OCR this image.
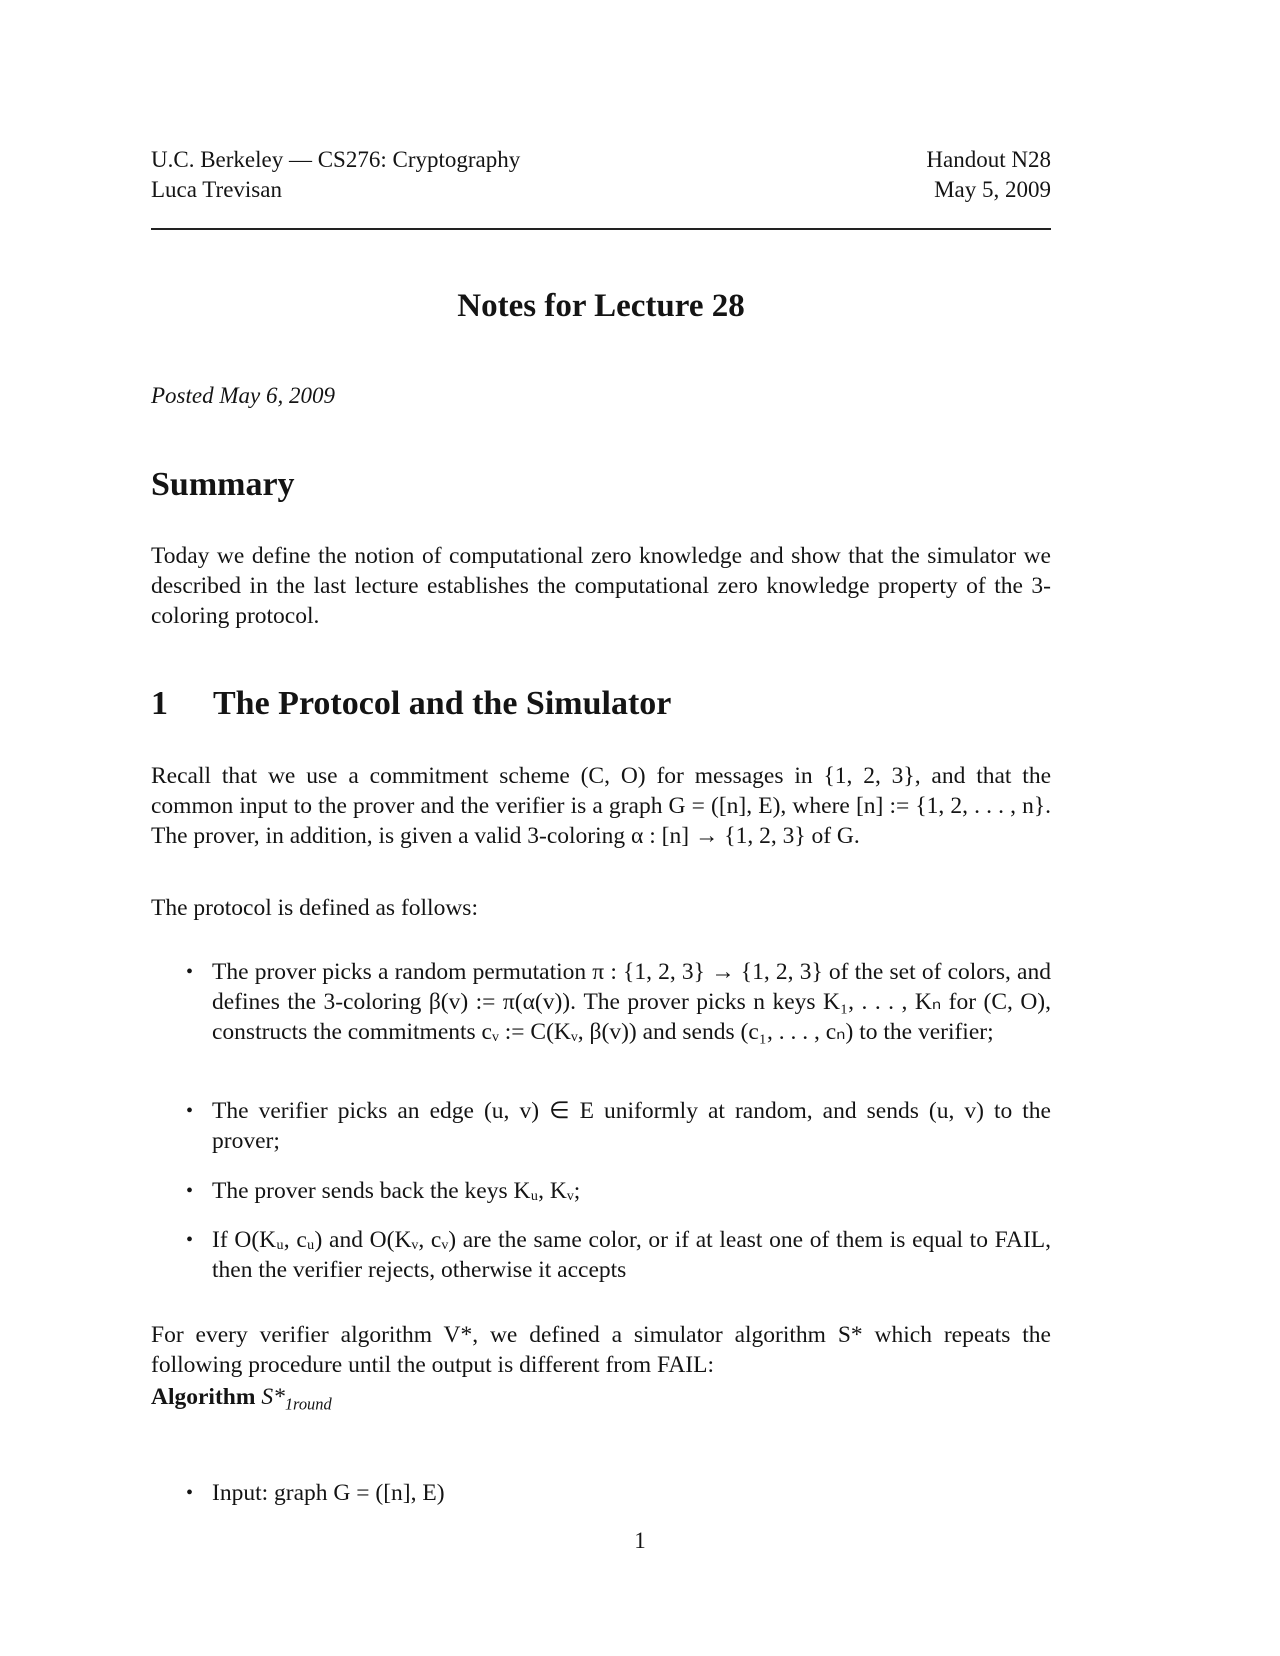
U.C. Berkeley — CS276: Cryptography
Luca Trevisan
Handout N28
May 5, 2009
Notes for Lecture 28
Posted May 6, 2009
Summary

Today we define the notion of computational zero knowledge and show that the simulator we described in the last lecture establishes the computational zero knowledge property of the 3-coloring protocol.

1 The Protocol and the Simulator

Recall that we use a commitment scheme (C, O) for messages in {1, 2, 3}, and that the common input to the prover and the verifier is a graph G = ([n], E), where [n] := {1, 2, . . . , n}. The prover, in addition, is given a valid 3-coloring α : [n] → {1, 2, 3} of G.

The protocol is defined as follows:

• The prover picks a random permutation π : {1, 2, 3} → {1, 2, 3} of the set of colors, and defines the 3-coloring β(v) := π(α(v)). The prover picks n keys K₁, . . . , Kₙ for (C, O), constructs the commitments cᵥ := C(Kᵥ, β(v)) and sends (c₁, . . . , cₙ) to the verifier;
• The verifier picks an edge (u, v) ∈ E uniformly at random, and sends (u, v) to the prover;
• The prover sends back the keys Kᵤ, Kᵥ;
• If O(Kᵤ, cᵤ) and O(Kᵥ, cᵥ) are the same color, or if at least one of them is equal to FAIL, then the verifier rejects, otherwise it accepts

For every verifier algorithm V*, we defined a simulator algorithm S* which repeats the following procedure until the output is different from FAIL:

Algorithm $S*_{1round}$
• Input: graph G = ([n], E)
1
